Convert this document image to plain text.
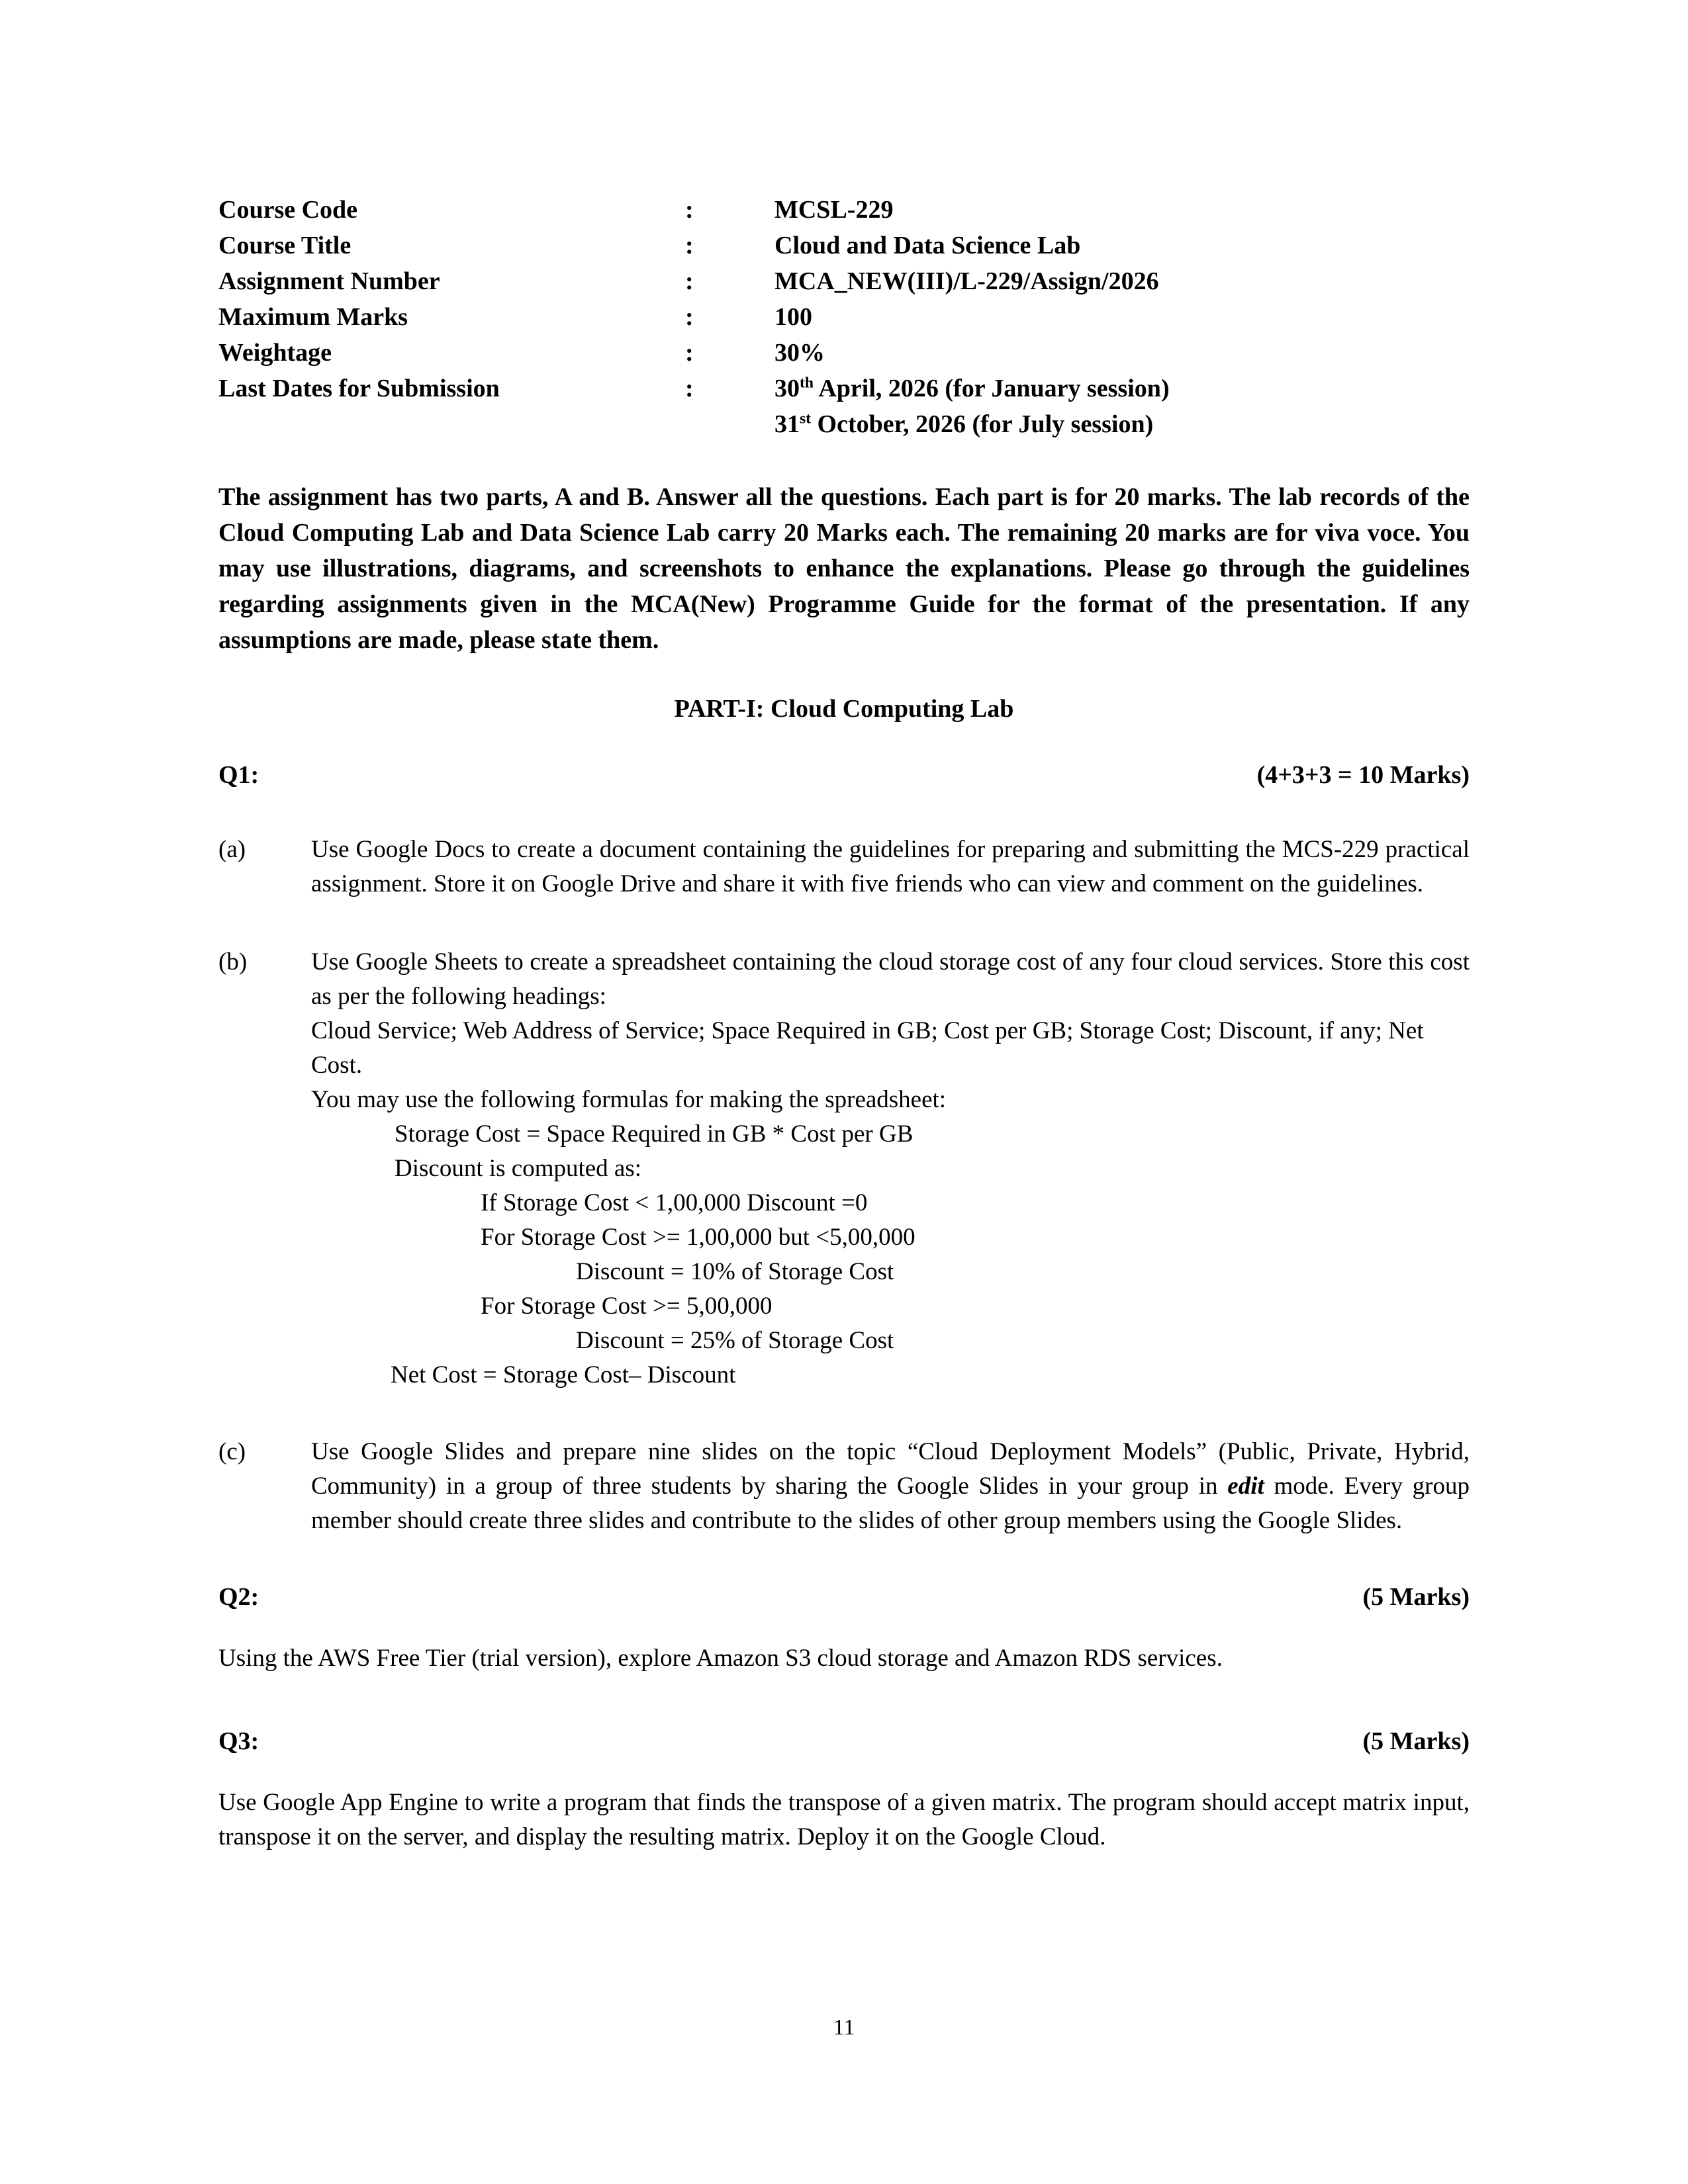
Course Code	:	MCSL-229
Course Title	:	Cloud and Data Science Lab
Assignment Number	:	MCA_NEW(III)/L-229/Assign/2026
Maximum Marks	:	100
Weightage	:	30%
Last Dates for Submission	:	30th April, 2026 (for January session)
31st October, 2026 (for July session)
The assignment has two parts, A and B. Answer all the questions. Each part is for 20 marks. The lab records of the Cloud Computing Lab and Data Science Lab carry 20 Marks each. The remaining 20 marks are for viva voce. You may use illustrations, diagrams, and screenshots to enhance the explanations. Please go through the guidelines regarding assignments given in the MCA(New) Programme Guide for the format of the presentation. If any assumptions are made, please state them.
PART-I: Cloud Computing Lab
Q1:	(4+3+3 = 10 Marks)
(a)	Use Google Docs to create a document containing the guidelines for preparing and submitting the MCS-229 practical assignment. Store it on Google Drive and share it with five friends who can view and comment on the guidelines.

(b)	Use Google Sheets to create a spreadsheet containing the cloud storage cost of any four cloud services. Store this cost as per the following headings:

Cloud Service; Web Address of Service; Space Required in GB; Cost per GB; Storage Cost; Discount, if any; Net Cost.

You may use the following formulas for making the spreadsheet:

Storage Cost = Space Required in GB * Cost per GB

Discount is computed as:

If Storage Cost < 1,00,000 Discount =0

For Storage Cost >= 1,00,000 but <5,00,000

Discount = 10% of Storage Cost

For Storage Cost >= 5,00,000

Discount = 25% of Storage Cost

Net Cost = Storage Cost– Discount

(c)	Use Google Slides and prepare nine slides on the topic “Cloud Deployment Models” (Public, Private, Hybrid, Community) in a group of three students by sharing the Google Slides in your group in edit mode. Every group member should create three slides and contribute to the slides of other group members using the Google Slides.

Q2:	(5 Marks)
Using the AWS Free Tier (trial version), explore Amazon S3 cloud storage and Amazon RDS services.
Q3:	(5 Marks)
Use Google App Engine to write a program that finds the transpose of a given matrix. The program should accept matrix input, transpose it on the server, and display the resulting matrix. Deploy it on the Google Cloud.
11
